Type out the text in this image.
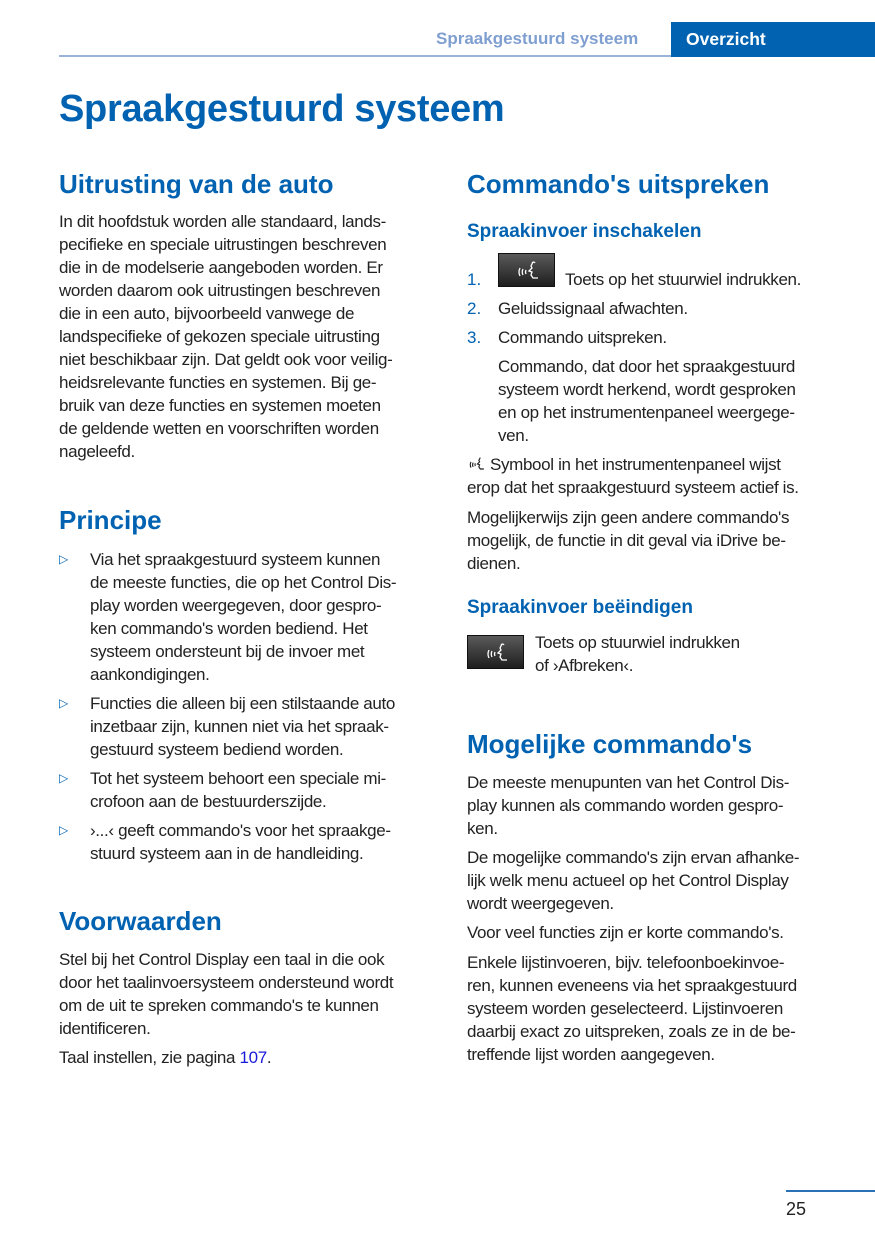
Spraakgestuurd systeem	Overzicht
Spraakgestuurd systeem
Uitrusting van de auto
In dit hoofdstuk worden alle standaard, lands-
pecifieke en speciale uitrustingen beschreven
die in de modelserie aangeboden worden. Er
worden daarom ook uitrustingen beschreven
die in een auto, bijvoorbeeld vanwege de
landspecifieke of gekozen speciale uitrusting
niet beschikbaar zijn. Dat geldt ook voor veilig-
heidsrelevante functies en systemen. Bij ge-
bruik van deze functies en systemen moeten
de geldende wetten en voorschriften worden
nageleefd.
Principe
▷ Via het spraakgestuurd systeem kunnen
de meeste functies, die op het Control Dis-
play worden weergegeven, door gespro-
ken commando's worden bediend. Het
systeem ondersteunt bij de invoer met
aankondigingen.
▷ Functies die alleen bij een stilstaande auto
inzetbaar zijn, kunnen niet via het spraak-
gestuurd systeem bediend worden.
▷ Tot het systeem behoort een speciale mi-
crofoon aan de bestuurderszijde.
▷ ›...‹ geeft commando's voor het spraakge-
stuurd systeem aan in de handleiding.
Voorwaarden
Stel bij het Control Display een taal in die ook
door het taalinvoersysteem ondersteund wordt
om de uit te spreken commando's te kunnen
identificeren.
Taal instellen, zie pagina 107.
Commando's uitspreken
Spraakinvoer inschakelen
1.	Toets op het stuurwiel indrukken.
2. Geluidssignaal afwachten.
3. Commando uitspreken.
Commando, dat door het spraakgestuurd
systeem wordt herkend, wordt gesproken
en op het instrumentenpaneel weergege-
ven.
Symbool in het instrumentenpaneel wijst
erop dat het spraakgestuurd systeem actief is.
Mogelijkerwijs zijn geen andere commando's
mogelijk, de functie in dit geval via iDrive be-
dienen.
Spraakinvoer beëindigen
Toets op stuurwiel indrukken
of ›Afbreken‹.
Mogelijke commando's
De meeste menupunten van het Control Dis-
play kunnen als commando worden gespro-
ken.
De mogelijke commando's zijn ervan afhanke-
lijk welk menu actueel op het Control Display
wordt weergegeven.
Voor veel functies zijn er korte commando's.
Enkele lijstinvoeren, bijv. telefoonboekinvoe-
ren, kunnen eveneens via het spraakgestuurd
systeem worden geselecteerd. Lijstinvoeren
daarbij exact zo uitspreken, zoals ze in de be-
treffende lijst worden aangegeven.
25
